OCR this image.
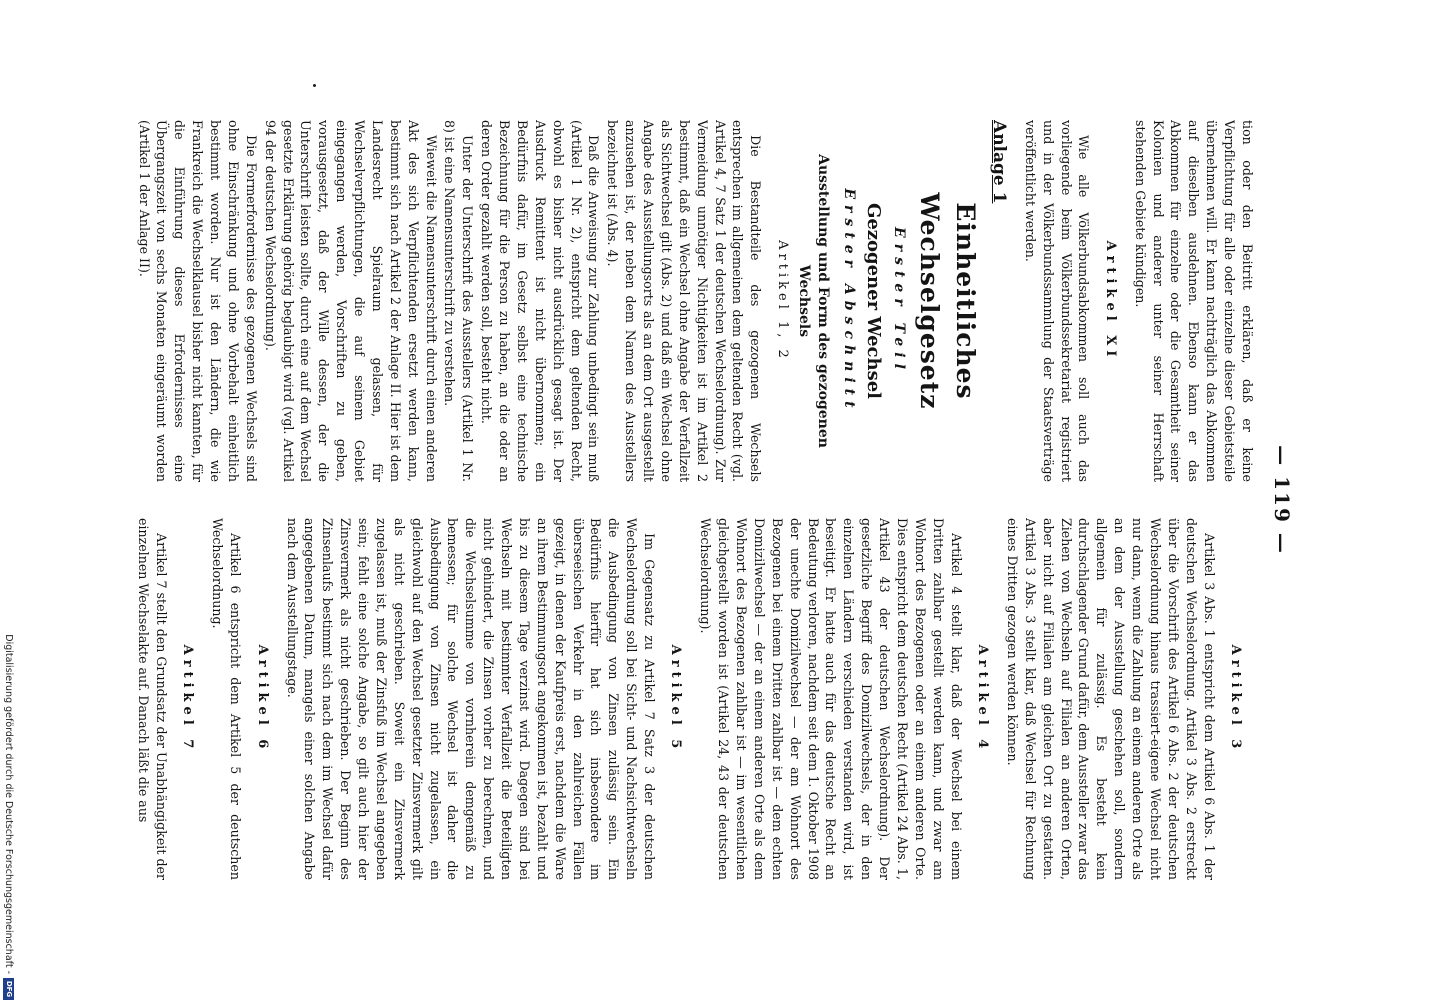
— 119 —

tion oder den Beitritt erklären, daß er keine Verpflichtung für alle oder einzelne dieser Gebietsteile übernehmen will. Er kann nachträglich das Abkommen auf dieselben ausdehnen. Ebenso kann er das Abkommen für einzelne oder die Gesamtheit seiner Kolonien und anderer unter seiner Herrschaft stehenden Gebiete kündigen.

Artikel XI

Wie alle Völkerbundsabkommen soll auch das vorliegende beim Völkerbundssekretariat registriert und in der Völkerbundssammlung der Staatsverträge veröffentlicht werden.

Anlage 1
Einheitliches Wechselgesetz
Erster Teil
Gezogener Wechsel
Erster Abschnitt
Ausstellung und Form des gezogenen Wechsels
Artikel 1, 2

Die Bestandteile des gezogenen Wechsels entsprechen im allgemeinen dem geltenden Recht (vgl. Artikel 4, 7 Satz 1 der deutschen Wechselordnung). Zur Vermeidung unnötiger Nichtigkeiten ist im Artikel 2 bestimmt, daß ein Wechsel ohne Angabe der Verfallzeit als Sichtwechsel gilt (Abs. 2) und daß ein Wechsel ohne Angabe des Ausstellungsorts als an dem Ort ausgestellt anzusehen ist, der neben dem Namen des Ausstellers bezeichnet ist (Abs. 4).

Daß die Anweisung zur Zahlung unbedingt sein muß (Artikel 1 Nr. 2), entspricht dem geltenden Recht, obwohl es bisher nicht ausdrücklich gesagt ist. Der Ausdruck Remittent ist nicht übernommen; ein Bedürfnis dafür, im Gesetz selbst eine technische Bezeichnung für die Person zu haben, an die oder an deren Order gezahlt werden soll, besteht nicht.

Unter der Unterschrift des Ausstellers (Artikel 1 Nr. 8) ist eine Namensunterschrift zu verstehen.

Wieweit die Namensunterschrift durch einen anderen Akt des sich Verpflichtenden ersetzt werden kann, bestimmt sich nach Artikel 2 der Anlage II. Hier ist dem Landesrecht Spielraum gelassen, für Wechselverpflichtungen, die auf seinem Gebiet eingegangen werden, Vorschriften zu geben, vorausgesetzt, daß der Wille dessen, der die Unterschrift leisten sollte, durch eine auf dem Wechsel gesetzte Erklärung gehörig beglaubigt wird (vgl. Artikel 94 der deutschen Wechselordnung).

Die Formerfordernisse des gezogenen Wechsels sind ohne Einschränkung und ohne Vorbehalt einheitlich bestimmt worden. Nur ist den Ländern, die wie Frankreich die Wechselklausel bisher nicht kannten, für die Einführung dieses Erfordernisses eine Übergangszeit von sechs Monaten eingeräumt worden (Artikel 1 der Anlage II).

Artikel 3

Artikel 3 Abs. 1 entspricht dem Artikel 6 Abs. 1 der deutschen Wechselordnung. Artikel 3 Abs. 2 erstreckt über die Vorschrift des Artikel 6 Abs. 2 der deutschen Wechselordnung hinaus trassiert-eigene Wechsel nicht nur dann, wenn die Zahlung an einem anderen Orte als an dem der Ausstellung geschehen soll, sondern allgemein für zulässig. Es besteht kein durchschlagender Grund dafür, dem Aussteller zwar das Ziehen von Wechseln auf Filialen an anderen Orten, aber nicht auf Filialen am gleichen Ort zu gestatten. Artikel 3 Abs. 3 stellt klar, daß Wechsel für Rechnung eines Dritten gezogen werden können.

Artikel 4

Artikel 4 stellt klar, daß der Wechsel bei einem Dritten zahlbar gestellt werden kann, und zwar am Wohnort des Bezogenen oder an einem anderen Orte. Dies entspricht dem deutschen Recht (Artikel 24 Abs. 1, Artikel 43 der deutschen Wechselordnung). Der gesetzliche Begriff des Domizilwechsels, der in den einzelnen Ländern verschieden verstanden wird, ist beseitigt. Er hatte auch für das deutsche Recht an Bedeutung verloren, nachdem seit dem 1. Oktober 1908 der unechte Domizilwechsel — der am Wohnort des Bezogenen bei einem Dritten zahlbar ist — dem echten Domizilwechsel — der an einem anderen Orte als dem Wohnort des Bezogenen zahlbar ist — im wesentlichen gleichgestellt worden ist (Artikel 24, 43 der deutschen Wechselordnung).

Artikel 5

Im Gegensatz zu Artikel 7 Satz 3 der deutschen Wechselordnung soll bei Sicht- und Nachsichtwechseln die Ausbedingung von Zinsen zulässig sein. Ein Bedürfnis hierfür hat sich insbesondere im überseeischen Verkehr in den zahlreichen Fällen gezeigt, in denen der Kaufpreis erst, nachdem die Ware an ihrem Bestimmungsort angekommen ist, bezahlt und bis zu diesem Tage verzinst wird. Dagegen sind bei Wechseln mit bestimmter Verfallzeit die Beteiligten nicht gehindert, die Zinsen vorher zu berechnen, und die Wechselsumme von vornherein demgemäß zu bemessen; für solche Wechsel ist daher die Ausbedingung von Zinsen nicht zugelassen, ein gleichwohl auf den Wechsel gesetzter Zinsvermerk gilt als nicht geschrieben. Soweit ein Zinsvermerk zugelassen ist, muß der Zinsfuß im Wechsel angegeben sein; fehlt eine solche Angabe, so gilt auch hier der Zinsvermerk als nicht geschrieben. Der Beginn des Zinsenlaufs bestimmt sich nach dem im Wechsel dafür angegebenen Datum, mangels einer solchen Angabe nach dem Ausstellungstage.

Artikel 6

Artikel 6 entspricht dem Artikel 5 der deutschen Wechselordnung.

Artikel 7

Artikel 7 stellt den Grundsatz der Unabhängigkeit der einzelnen Wechselakte auf. Danach läßt die aus

Digitalisierung gefördert durch die Deutsche Forschungsgemeinschaft -
DFG
